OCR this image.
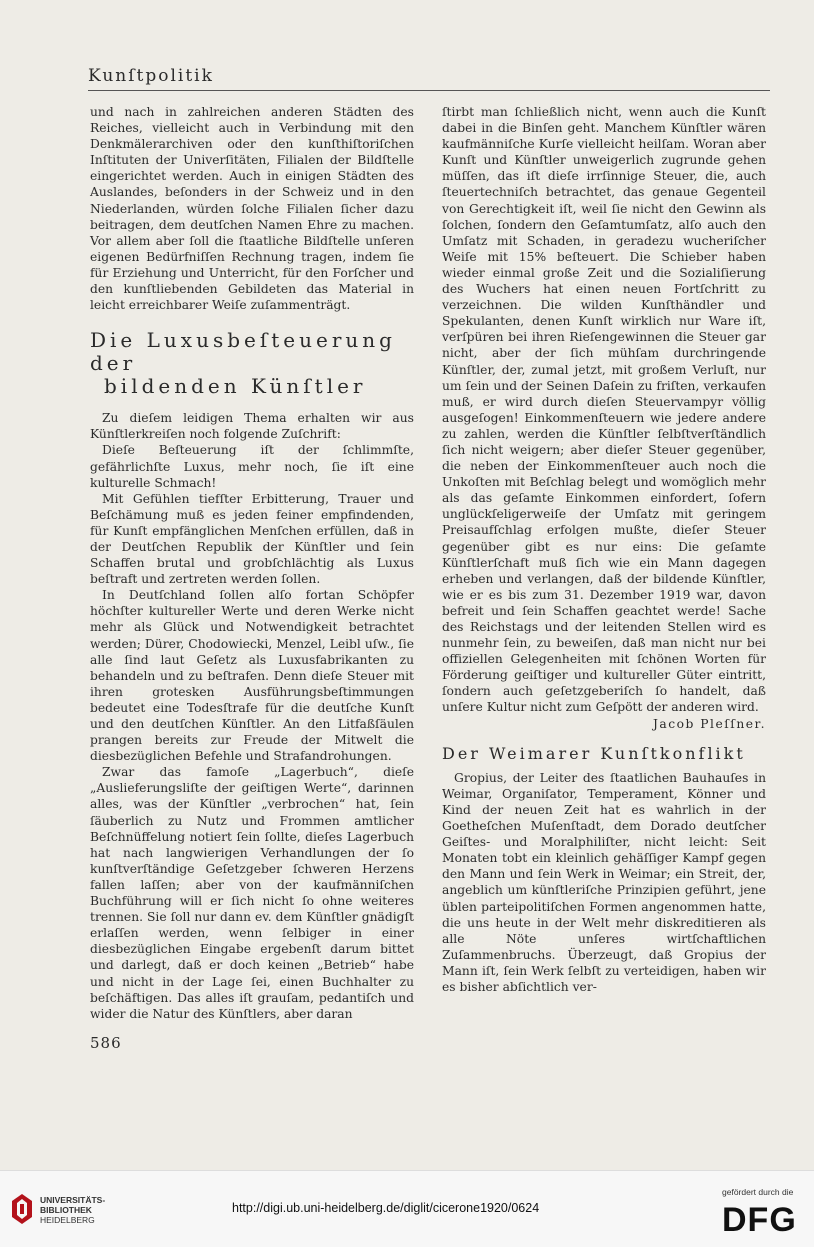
Kunſtpolitik

und nach in zahlreichen anderen Städten des Reiches, vielleicht auch in Verbindung mit den Denkmälerarchiven oder den kunſthiſtoriſchen Inſtituten der Univerſitäten, Filialen der Bildſtelle eingerichtet werden. Auch in einigen Städten des Auslandes, beſonders in der Schweiz und in den Niederlanden, würden ſolche Filialen ſicher dazu beitragen, dem deutſchen Namen Ehre zu machen. Vor allem aber ſoll die ſtaatliche Bildſtelle unſeren eigenen Bedürfniſſen Rechnung tragen, indem ſie für Erziehung und Unterricht, für den Forſcher und den kunſtliebenden Gebildeten das Material in leicht erreichbarer Weiſe zuſammenträgt.

Die Luxusbeſteuerung der
bildenden Künſtler

Zu dieſem leidigen Thema erhalten wir aus Künſtlerkreiſen noch folgende Zuſchrift:

Dieſe Beſteuerung iſt der ſchlimmſte, gefährlichſte Luxus, mehr noch, ſie iſt eine kulturelle Schmach!

Mit Gefühlen tiefſter Erbitterung, Trauer und Beſchämung muß es jeden feiner empfindenden, für Kunſt empfänglichen Menſchen erfüllen, daß in der Deutſchen Republik der Künſtler und ſein Schaffen brutal und grobſchlächtig als Luxus beſtraft und zertreten werden ſollen.

In Deutſchland ſollen alſo fortan Schöpfer höchſter kultureller Werte und deren Werke nicht mehr als Glück und Notwendigkeit betrachtet werden; Dürer, Chodowiecki, Menzel, Leibl uſw., ſie alle ſind laut Geſetz als Luxusfabrikanten zu behandeln und zu beſtrafen. Denn dieſe Steuer mit ihren grotesken Ausführungsbeſtimmungen bedeutet eine Todesſtrafe für die deutſche Kunſt und den deutſchen Künſtler. An den Litfaßſäulen prangen bereits zur Freude der Mitwelt die diesbezüglichen Befehle und Strafandrohungen.

Zwar das famoſe „Lagerbuch“, dieſe „Auslieferungsliſte der geiſtigen Werte“, darinnen alles, was der Künſtler „verbrochen“ hat, ſein ſäuberlich zu Nutz und Frommen amtlicher Beſchnüffelung notiert ſein ſollte, dieſes Lagerbuch hat nach langwierigen Verhandlungen der ſo kunſtverſtändige Geſetzgeber ſchweren Herzens fallen laſſen; aber von der kaufmänniſchen Buchführung will er ſich nicht ſo ohne weiteres trennen. Sie ſoll nur dann ev. dem Künſtler gnädigſt erlaſſen werden, wenn ſelbiger in einer diesbezüglichen Eingabe ergebenſt darum bittet und darlegt, daß er doch keinen „Betrieb“ habe und nicht in der Lage ſei, einen Buchhalter zu beſchäftigen. Das alles iſt grauſam, pedantiſch und wider die Natur des Künſtlers, aber daran

ſtirbt man ſchließlich nicht, wenn auch die Kunſt dabei in die Binſen geht. Manchem Künſtler wären kaufmänniſche Kurſe vielleicht heilſam. Woran aber Kunſt und Künſtler unweigerlich zugrunde gehen müſſen, das iſt dieſe irrſinnige Steuer, die, auch ſteuertechniſch betrachtet, das genaue Gegenteil von Gerechtigkeit iſt, weil ſie nicht den Gewinn als ſolchen, ſondern den Geſamtumſatz, alſo auch den Umſatz mit Schaden, in geradezu wucheriſcher Weiſe mit 15% beſteuert. Die Schieber haben wieder einmal große Zeit und die Sozialiſierung des Wuchers hat einen neuen Fortſchritt zu verzeichnen. Die wilden Kunſthändler und Spekulanten, denen Kunſt wirklich nur Ware iſt, verſpüren bei ihren Rieſengewinnen die Steuer gar nicht, aber der ſich mühſam durchringende Künſtler, der, zumal jetzt, mit großem Verluſt, nur um ſein und der Seinen Daſein zu friſten, verkaufen muß, er wird durch dieſen Steuervampyr völlig ausgeſogen! Einkommenſteuern wie jedere andere zu zahlen, werden die Künſtler ſelbſtverſtändlich ſich nicht weigern; aber dieſer Steuer gegenüber, die neben der Einkommenſteuer auch noch die Unkoſten mit Beſchlag belegt und womöglich mehr als das geſamte Einkommen einfordert, ſofern unglückſeligerweiſe der Umſatz mit geringem Preisaufſchlag erfolgen mußte, dieſer Steuer gegenüber gibt es nur eins: Die geſamte Künſtlerſchaft muß ſich wie ein Mann dagegen erheben und verlangen, daß der bildende Künſtler, wie er es bis zum 31. Dezember 1919 war, davon befreit und ſein Schaffen geachtet werde! Sache des Reichstags und der leitenden Stellen wird es nunmehr ſein, zu beweiſen, daß man nicht nur bei offiziellen Gelegenheiten mit ſchönen Worten für Förderung geiſtiger und kultureller Güter eintritt, ſondern auch geſetzgeberiſch ſo handelt, daß unſere Kultur nicht zum Geſpött der anderen wird.

Jacob Pleſſner.

Der Weimarer Kunſtkonflikt

Gropius, der Leiter des ſtaatlichen Bauhauſes in Weimar, Organiſator, Temperament, Könner und Kind der neuen Zeit hat es wahrlich in der Goetheſchen Muſenſtadt, dem Dorado deutſcher Geiſtes- und Moralphiliſter, nicht leicht: Seit Monaten tobt ein kleinlich gehäſſiger Kampf gegen den Mann und ſein Werk in Weimar; ein Streit, der, angeblich um künſtleriſche Prinzipien geführt, jene üblen parteipolitiſchen Formen angenommen hatte, die uns heute in der Welt mehr diskreditieren als alle Nöte unſeres wirtſchaftlichen Zuſammenbruchs. Überzeugt, daß Gropius der Mann iſt, ſein Werk ſelbſt zu verteidigen, haben wir es bisher abſichtlich ver-

586
UNIVERSITÄTS-
BIBLIOTHEK
HEIDELBERG
http://digi.ub.uni-heidelberg.de/diglit/cicerone1920/0624
gefördert durch die
DFG
